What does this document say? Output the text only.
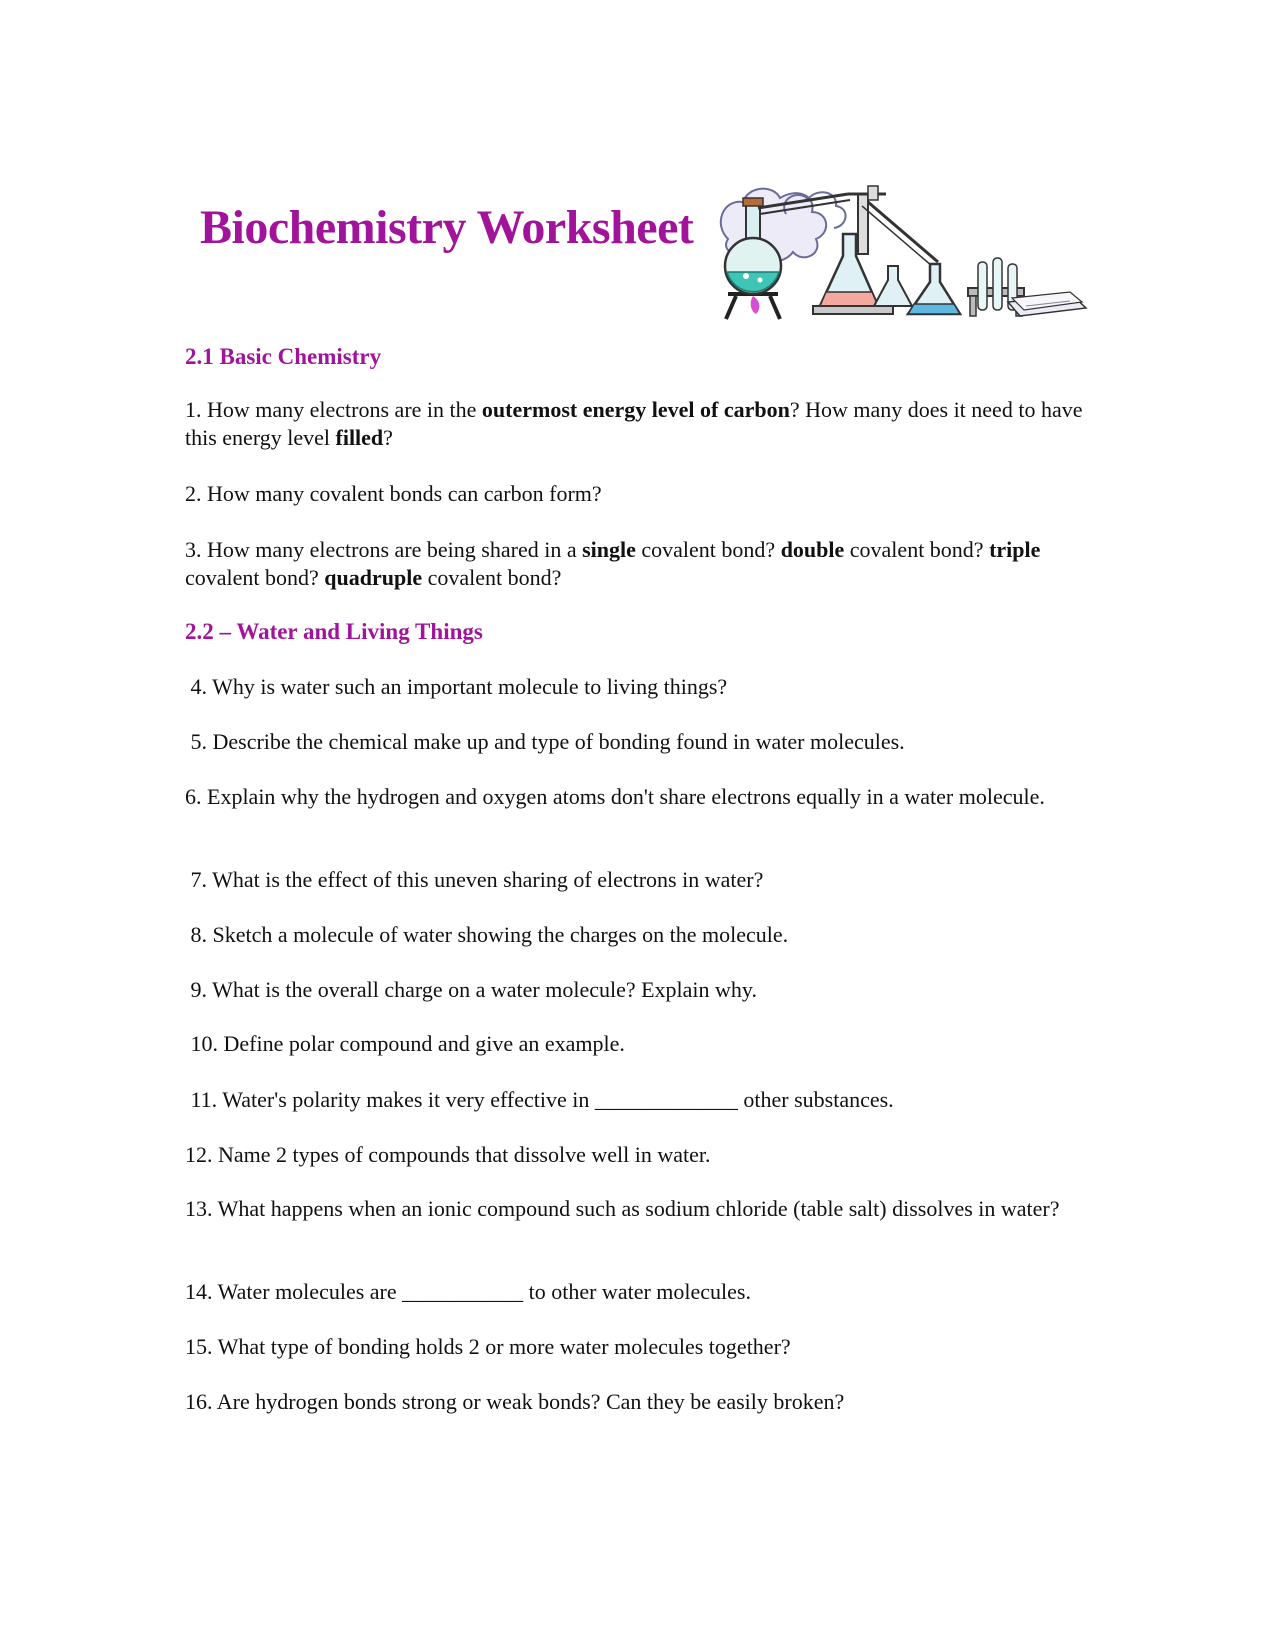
Biochemistry Worksheet
2.1 Basic Chemistry

1. How many electrons are in the outermost energy level of carbon? How many does it need to have this energy level filled?

2. How many covalent bonds can carbon form?

3. How many electrons are being shared in a single covalent bond? double covalent bond? triple covalent bond? quadruple covalent bond?

2.2 – Water and Living Things

4. Why is water such an important molecule to living things?

5. Describe the chemical make up and type of bonding found in water molecules.

6. Explain why the hydrogen and oxygen atoms don't share electrons equally in a water molecule.

7. What is the effect of this uneven sharing of electrons in water?

8. Sketch a molecule of water showing the charges on the molecule.

9. What is the overall charge on a water molecule? Explain why.

10. Define polar compound and give an example.

11. Water's polarity makes it very effective in _____________ other substances.

12. Name 2 types of compounds that dissolve well in water.

13. What happens when an ionic compound such as sodium chloride (table salt) dissolves in water?

14. Water molecules are ___________ to other water molecules.

15. What type of bonding holds 2 or more water molecules together?

16. Are hydrogen bonds strong or weak bonds? Can they be easily broken?
